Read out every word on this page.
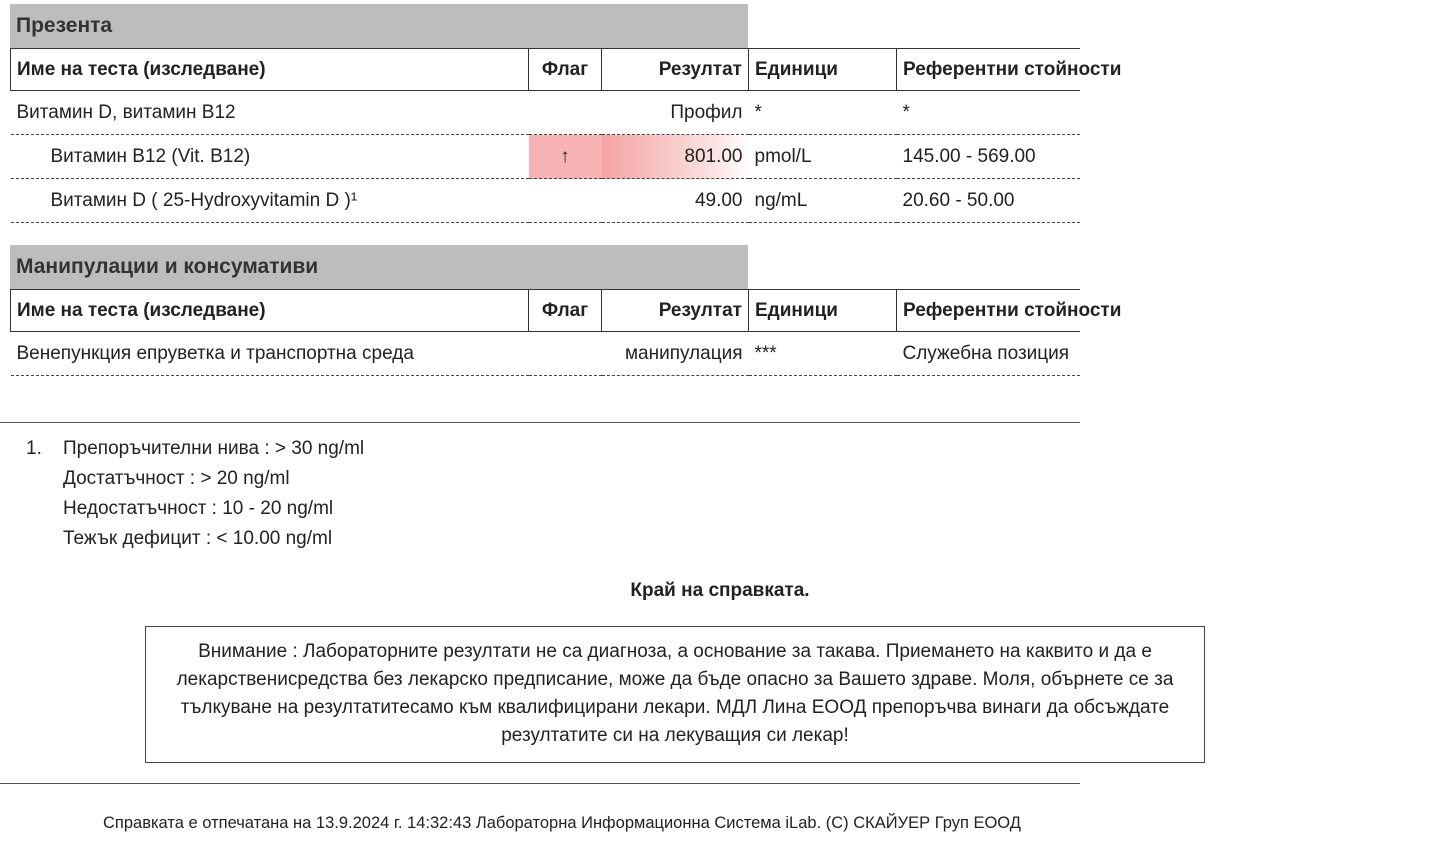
Презента
Име на теста (изследване)	Флаг	Резултат	Единици	Референтни стойности
Витамин D, витамин B12		Профил	*	*
Витамин B12 (Vit. B12)	↑	801.00	pmol/L	145.00 - 569.00
Витамин D ( 25-Hydroxyvitamin D )¹		49.00	ng/mL	20.60 - 50.00
Манипулации и консумативи
Име на теста (изследване)	Флаг	Резултат	Единици	Референтни стойности
Венепункция епруветка и транспортна среда		манипулация	***	Служебна позиция
1.	Препоръчителни нива : > 30 ng/ml
Достатъчност : > 20 ng/ml
Недостатъчност : 10 - 20 ng/ml
Тежък дефицит : < 10.00 ng/ml
Край на справката.
Внимание : Лабораторните резултати не са диагноза, а основание за такава. Приемането на каквито и да е
лекарственисредства без лекарско предписание, може да бъде опасно за Вашето здраве. Моля, обърнете се за
тълкуване на резултатитесамо към квалифицирани лекари. МДЛ Лина ЕООД препоръчва винаги да обсъждате
резултатите си на лекуващия си лекар!
Справката е отпечатана на 13.9.2024 г. 14:32:43 Лабораторна Информационна Система iLab. (C) СКАЙУЕР Груп ЕООД
